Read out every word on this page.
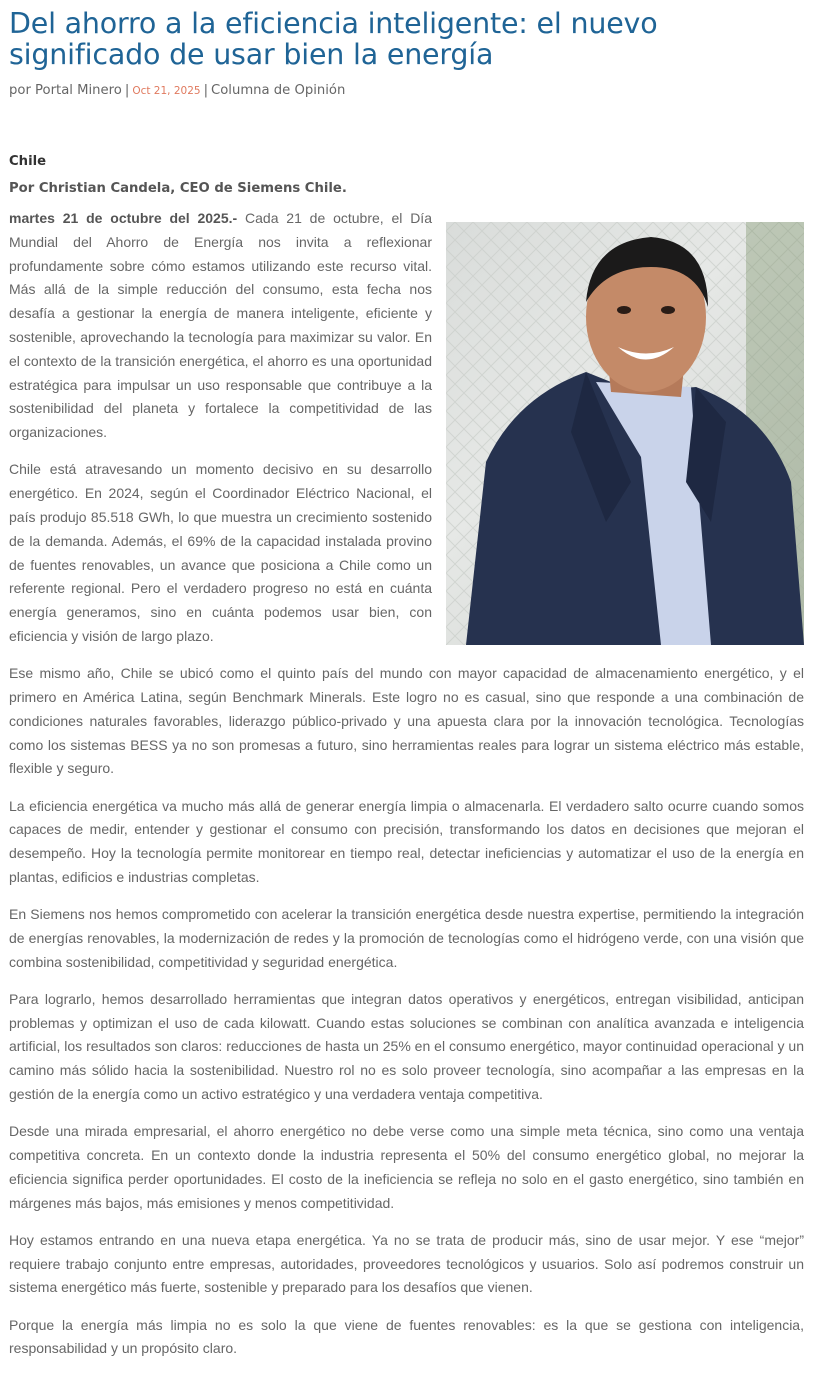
Del ahorro a la eficiencia inteligente: el nuevo significado de usar bien la energía
por Portal Minero | Oct 21, 2025 | Columna de Opinión
Chile
Por Christian Candela, CEO de Siemens Chile.

martes 21 de octubre del 2025.- Cada 21 de octubre, el Día Mundial del Ahorro de Energía nos invita a reflexionar profundamente sobre cómo estamos utilizando este recurso vital. Más allá de la simple reducción del consumo, esta fecha nos desafía a gestionar la energía de manera inteligente, eficiente y sostenible, aprovechando la tecnología para maximizar su valor. En el contexto de la transición energética, el ahorro es una oportunidad estratégica para impulsar un uso responsable que contribuye a la sostenibilidad del planeta y fortalece la competitividad de las organizaciones.

Chile está atravesando un momento decisivo en su desarrollo energético. En 2024, según el Coordinador Eléctrico Nacional, el país produjo 85.518 GWh, lo que muestra un crecimiento sostenido de la demanda. Además, el 69% de la capacidad instalada provino de fuentes renovables, un avance que posiciona a Chile como un referente regional. Pero el verdadero progreso no está en cuánta energía generamos, sino en cuánta podemos usar bien, con eficiencia y visión de largo plazo.

Ese mismo año, Chile se ubicó como el quinto país del mundo con mayor capacidad de almacenamiento energético, y el primero en América Latina, según Benchmark Minerals. Este logro no es casual, sino que responde a una combinación de condiciones naturales favorables, liderazgo público-privado y una apuesta clara por la innovación tecnológica. Tecnologías como los sistemas BESS ya no son promesas a futuro, sino herramientas reales para lograr un sistema eléctrico más estable, flexible y seguro.

La eficiencia energética va mucho más allá de generar energía limpia o almacenarla. El verdadero salto ocurre cuando somos capaces de medir, entender y gestionar el consumo con precisión, transformando los datos en decisiones que mejoran el desempeño. Hoy la tecnología permite monitorear en tiempo real, detectar ineficiencias y automatizar el uso de la energía en plantas, edificios e industrias completas.

En Siemens nos hemos comprometido con acelerar la transición energética desde nuestra expertise, permitiendo la integración de energías renovables, la modernización de redes y la promoción de tecnologías como el hidrógeno verde, con una visión que combina sostenibilidad, competitividad y seguridad energética.

Para lograrlo, hemos desarrollado herramientas que integran datos operativos y energéticos, entregan visibilidad, anticipan problemas y optimizan el uso de cada kilowatt. Cuando estas soluciones se combinan con analítica avanzada e inteligencia artificial, los resultados son claros: reducciones de hasta un 25% en el consumo energético, mayor continuidad operacional y un camino más sólido hacia la sostenibilidad. Nuestro rol no es solo proveer tecnología, sino acompañar a las empresas en la gestión de la energía como un activo estratégico y una verdadera ventaja competitiva.

Desde una mirada empresarial, el ahorro energético no debe verse como una simple meta técnica, sino como una ventaja competitiva concreta. En un contexto donde la industria representa el 50% del consumo energético global, no mejorar la eficiencia significa perder oportunidades. El costo de la ineficiencia se refleja no solo en el gasto energético, sino también en márgenes más bajos, más emisiones y menos competitividad.

Hoy estamos entrando en una nueva etapa energética. Ya no se trata de producir más, sino de usar mejor. Y ese “mejor” requiere trabajo conjunto entre empresas, autoridades, proveedores tecnológicos y usuarios. Solo así podremos construir un sistema energético más fuerte, sostenible y preparado para los desafíos que vienen.

Porque la energía más limpia no es solo la que viene de fuentes renovables: es la que se gestiona con inteligencia, responsabilidad y un propósito claro.
